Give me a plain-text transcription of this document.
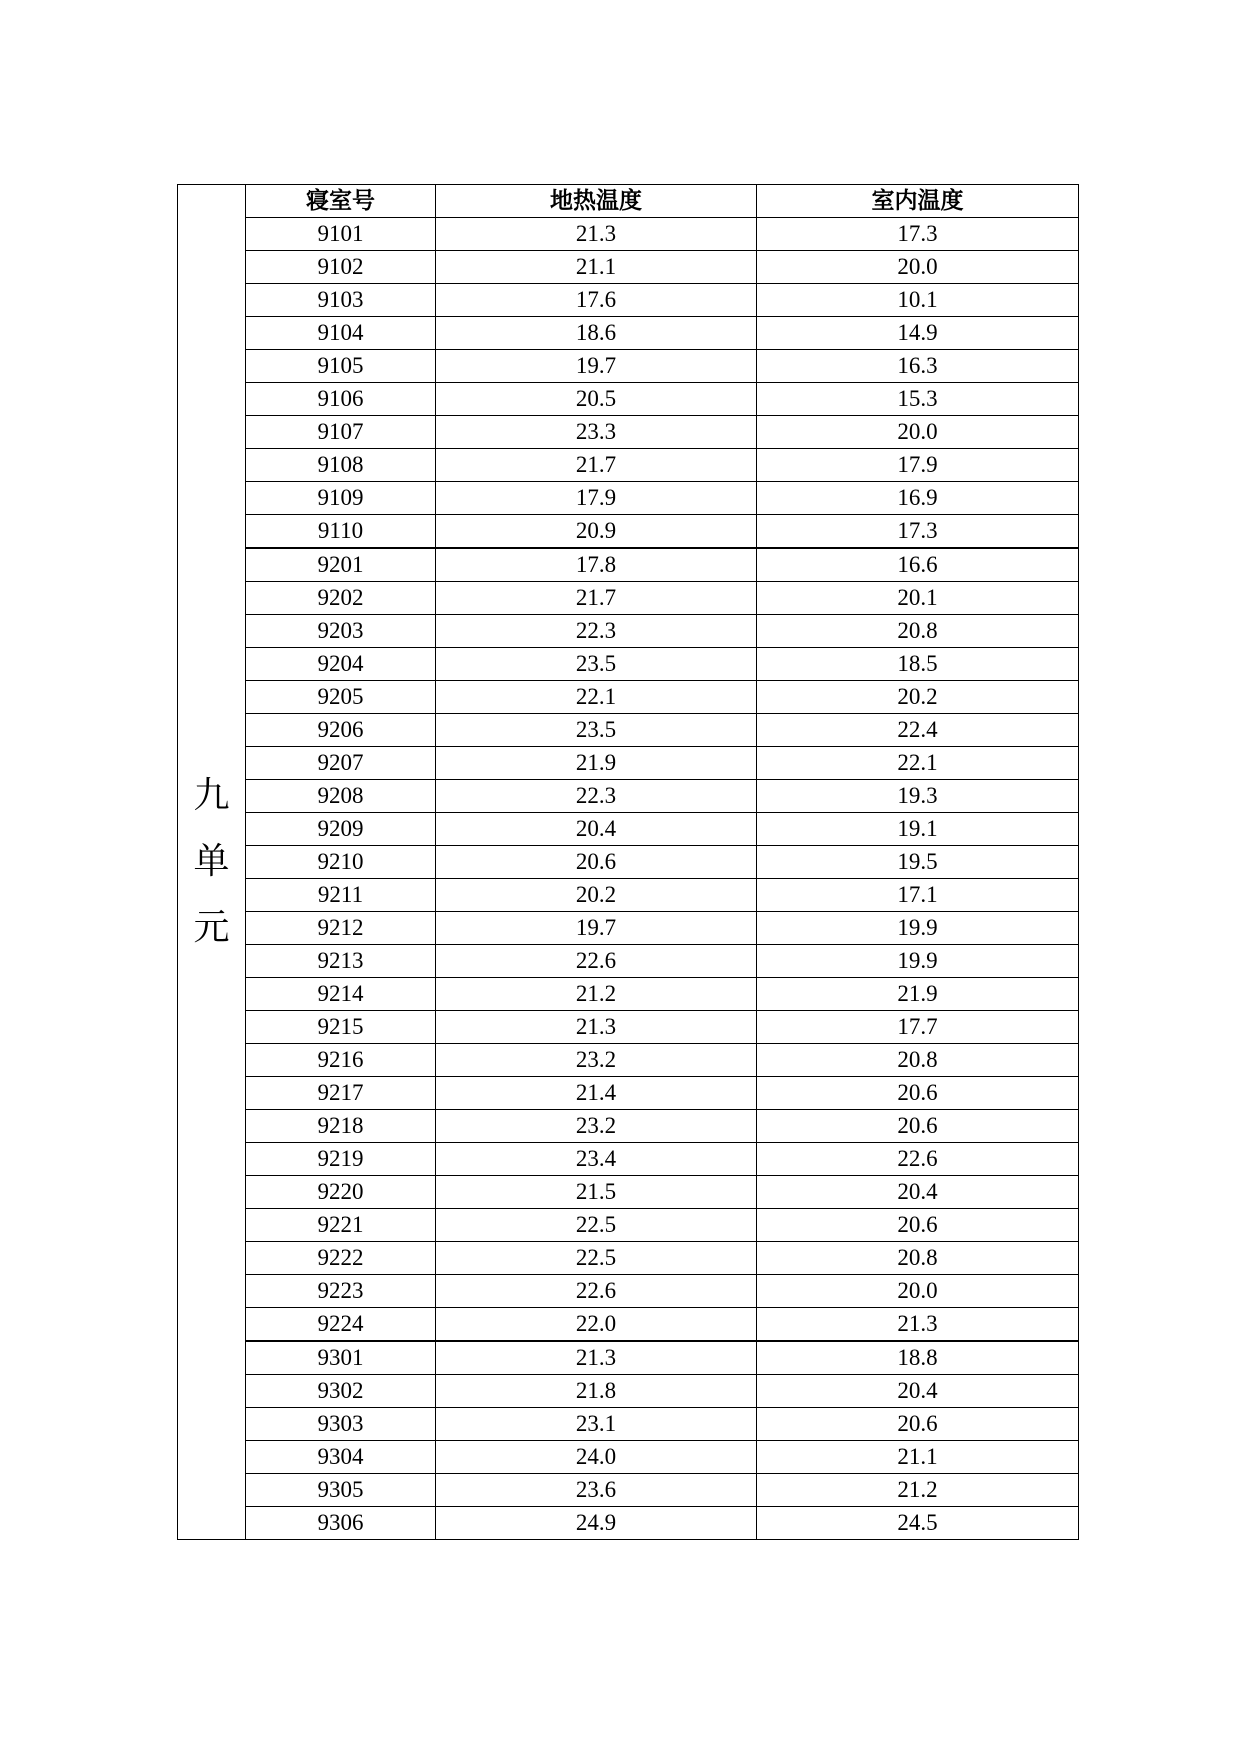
九单元	寝室号	地热温度	室内温度
	9101	21.3	17.3
	9102	21.1	20.0
	9103	17.6	10.1
	9104	18.6	14.9
	9105	19.7	16.3
	9106	20.5	15.3
	9107	23.3	20.0
	9108	21.7	17.9
	9109	17.9	16.9
	9110	20.9	17.3
	9201	17.8	16.6
	9202	21.7	20.1
	9203	22.3	20.8
	9204	23.5	18.5
	9205	22.1	20.2
	9206	23.5	22.4
	9207	21.9	22.1
	9208	22.3	19.3
	9209	20.4	19.1
	9210	20.6	19.5
	9211	20.2	17.1
	9212	19.7	19.9
	9213	22.6	19.9
	9214	21.2	21.9
	9215	21.3	17.7
	9216	23.2	20.8
	9217	21.4	20.6
	9218	23.2	20.6
	9219	23.4	22.6
	9220	21.5	20.4
	9221	22.5	20.6
	9222	22.5	20.8
	9223	22.6	20.0
	9224	22.0	21.3
	9301	21.3	18.8
	9302	21.8	20.4
	9303	23.1	20.6
	9304	24.0	21.1
	9305	23.6	21.2
	9306	24.9	24.5
